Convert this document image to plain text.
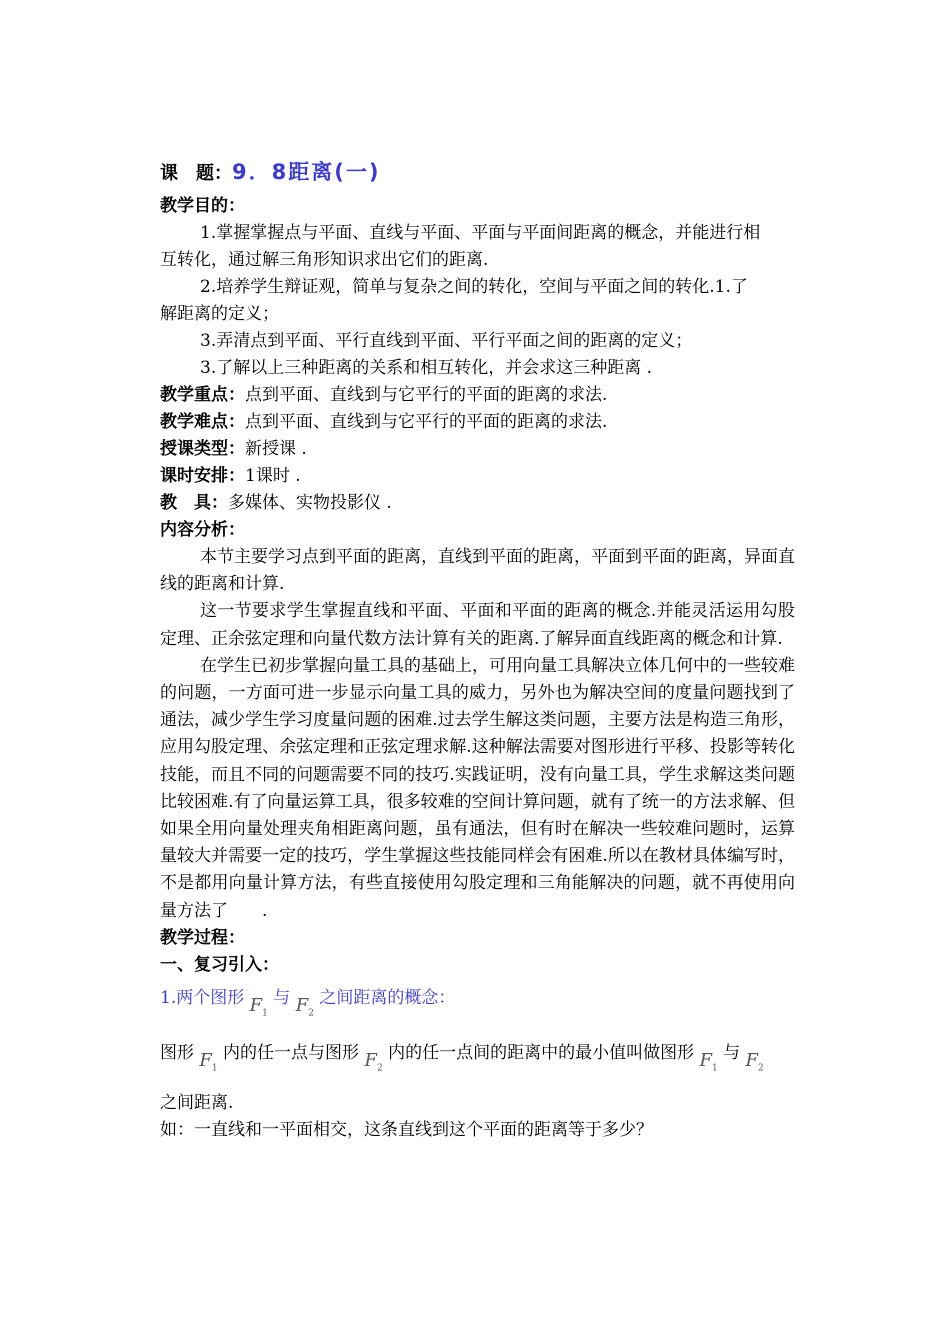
课　题：9．8距离(一)
教学目的：
1.掌握掌握点与平面、直线与平面、平面与平面间距离的概念，并能进行相
互转化，通过解三角形知识求出它们的距离.
2.培养学生辩证观，简单与复杂之间的转化，空间与平面之间的转化.1.了
解距离的定义；
3.弄清点到平面、平行直线到平面、平行平面之间的距离的定义；
3.了解以上三种距离的关系和相互转化，并会求这三种距离 .
教学重点：点到平面、直线到与它平行的平面的距离的求法.
教学难点：点到平面、直线到与它平行的平面的距离的求法.
授课类型：新授课 .
课时安排：1课时 .
教　具：多媒体、实物投影仪 .
内容分析：

本节主要学习点到平面的距离，直线到平面的距离，平面到平面的距离，异面直线的距离和计算.

这一节要求学生掌握直线和平面、平面和平面的距离的概念.并能灵活运用勾股定理、正余弦定理和向量代数方法计算有关的距离.了解异面直线距离的概念和计算.

在学生已初步掌握向量工具的基础上，可用向量工具解决立体几何中的一些较难的问题，一方面可进一步显示向量工具的威力，另外也为解决空间的度量问题找到了通法，减少学生学习度量问题的困难.过去学生解这类问题，主要方法是构造三角形，应用勾股定理、余弦定理和正弦定理求解.这种解法需要对图形进行平移、投影等转化技能，而且不同的问题需要不同的技巧.实践证明，没有向量工具，学生求解这类问题比较困难.有了向量运算工具，很多较难的空间计算问题，就有了统一的方法求解、但如果全用向量处理夹角相距离问题，虽有通法，但有时在解决一些较难问题时，运算量较大并需要一定的技巧，学生掌握这些技能同样会有困难.所以在教材具体编写时，不是都用向量计算方法，有些直接使用勾股定理和三角能解决的问题，就不再使用向量方法了　　.

教学过程：
一、复习引入：
1.两个图形 $F_1$ 与 $F_2$ 之间距离的概念：
图形 $F_1$ 内的任一点与图形 $F_2$ 内的任一点间的距离中的最小值叫做图形 $F_1$ 与 $F_2$
之间距离.
如：一直线和一平面相交，这条直线到这个平面的距离等于多少？
